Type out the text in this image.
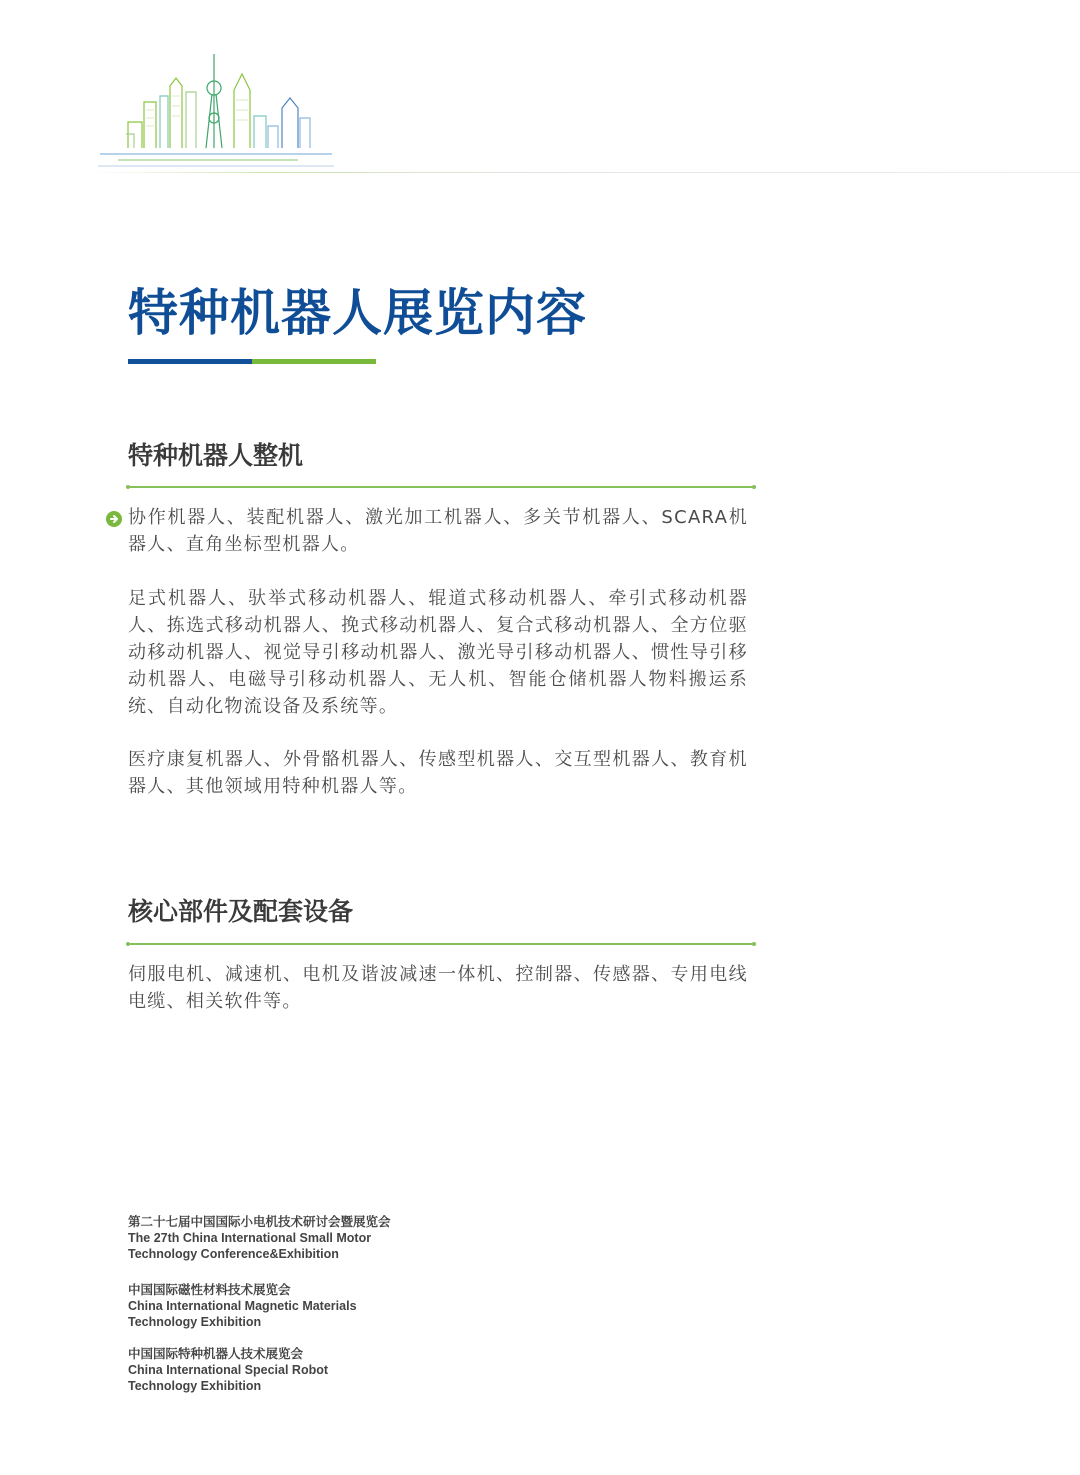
特种机器人展览内容
特种机器人整机

协作机器人、装配机器人、激光加工机器人、多关节机器人、SCARA机器人、直角坐标型机器人。

足式机器人、驮举式移动机器人、辊道式移动机器人、牵引式移动机器人、拣选式移动机器人、挽式移动机器人、复合式移动机器人、全方位驱动移动机器人、视觉导引移动机器人、激光导引移动机器人、惯性导引移动机器人、电磁导引移动机器人、无人机、智能仓储机器人物料搬运系统、自动化物流设备及系统等。

医疗康复机器人、外骨骼机器人、传感型机器人、交互型机器人、教育机器人、其他领域用特种机器人等。

核心部件及配套设备

伺服电机、减速机、电机及谐波减速一体机、控制器、传感器、专用电线电缆、相关软件等。

第二十七届中国国际小电机技术研讨会暨展览会
The 27th China International Small Motor
Technology Conference&Exhibition
中国国际磁性材料技术展览会
China International Magnetic Materials
Technology Exhibition
中国国际特种机器人技术展览会
China International Special Robot
Technology Exhibition
